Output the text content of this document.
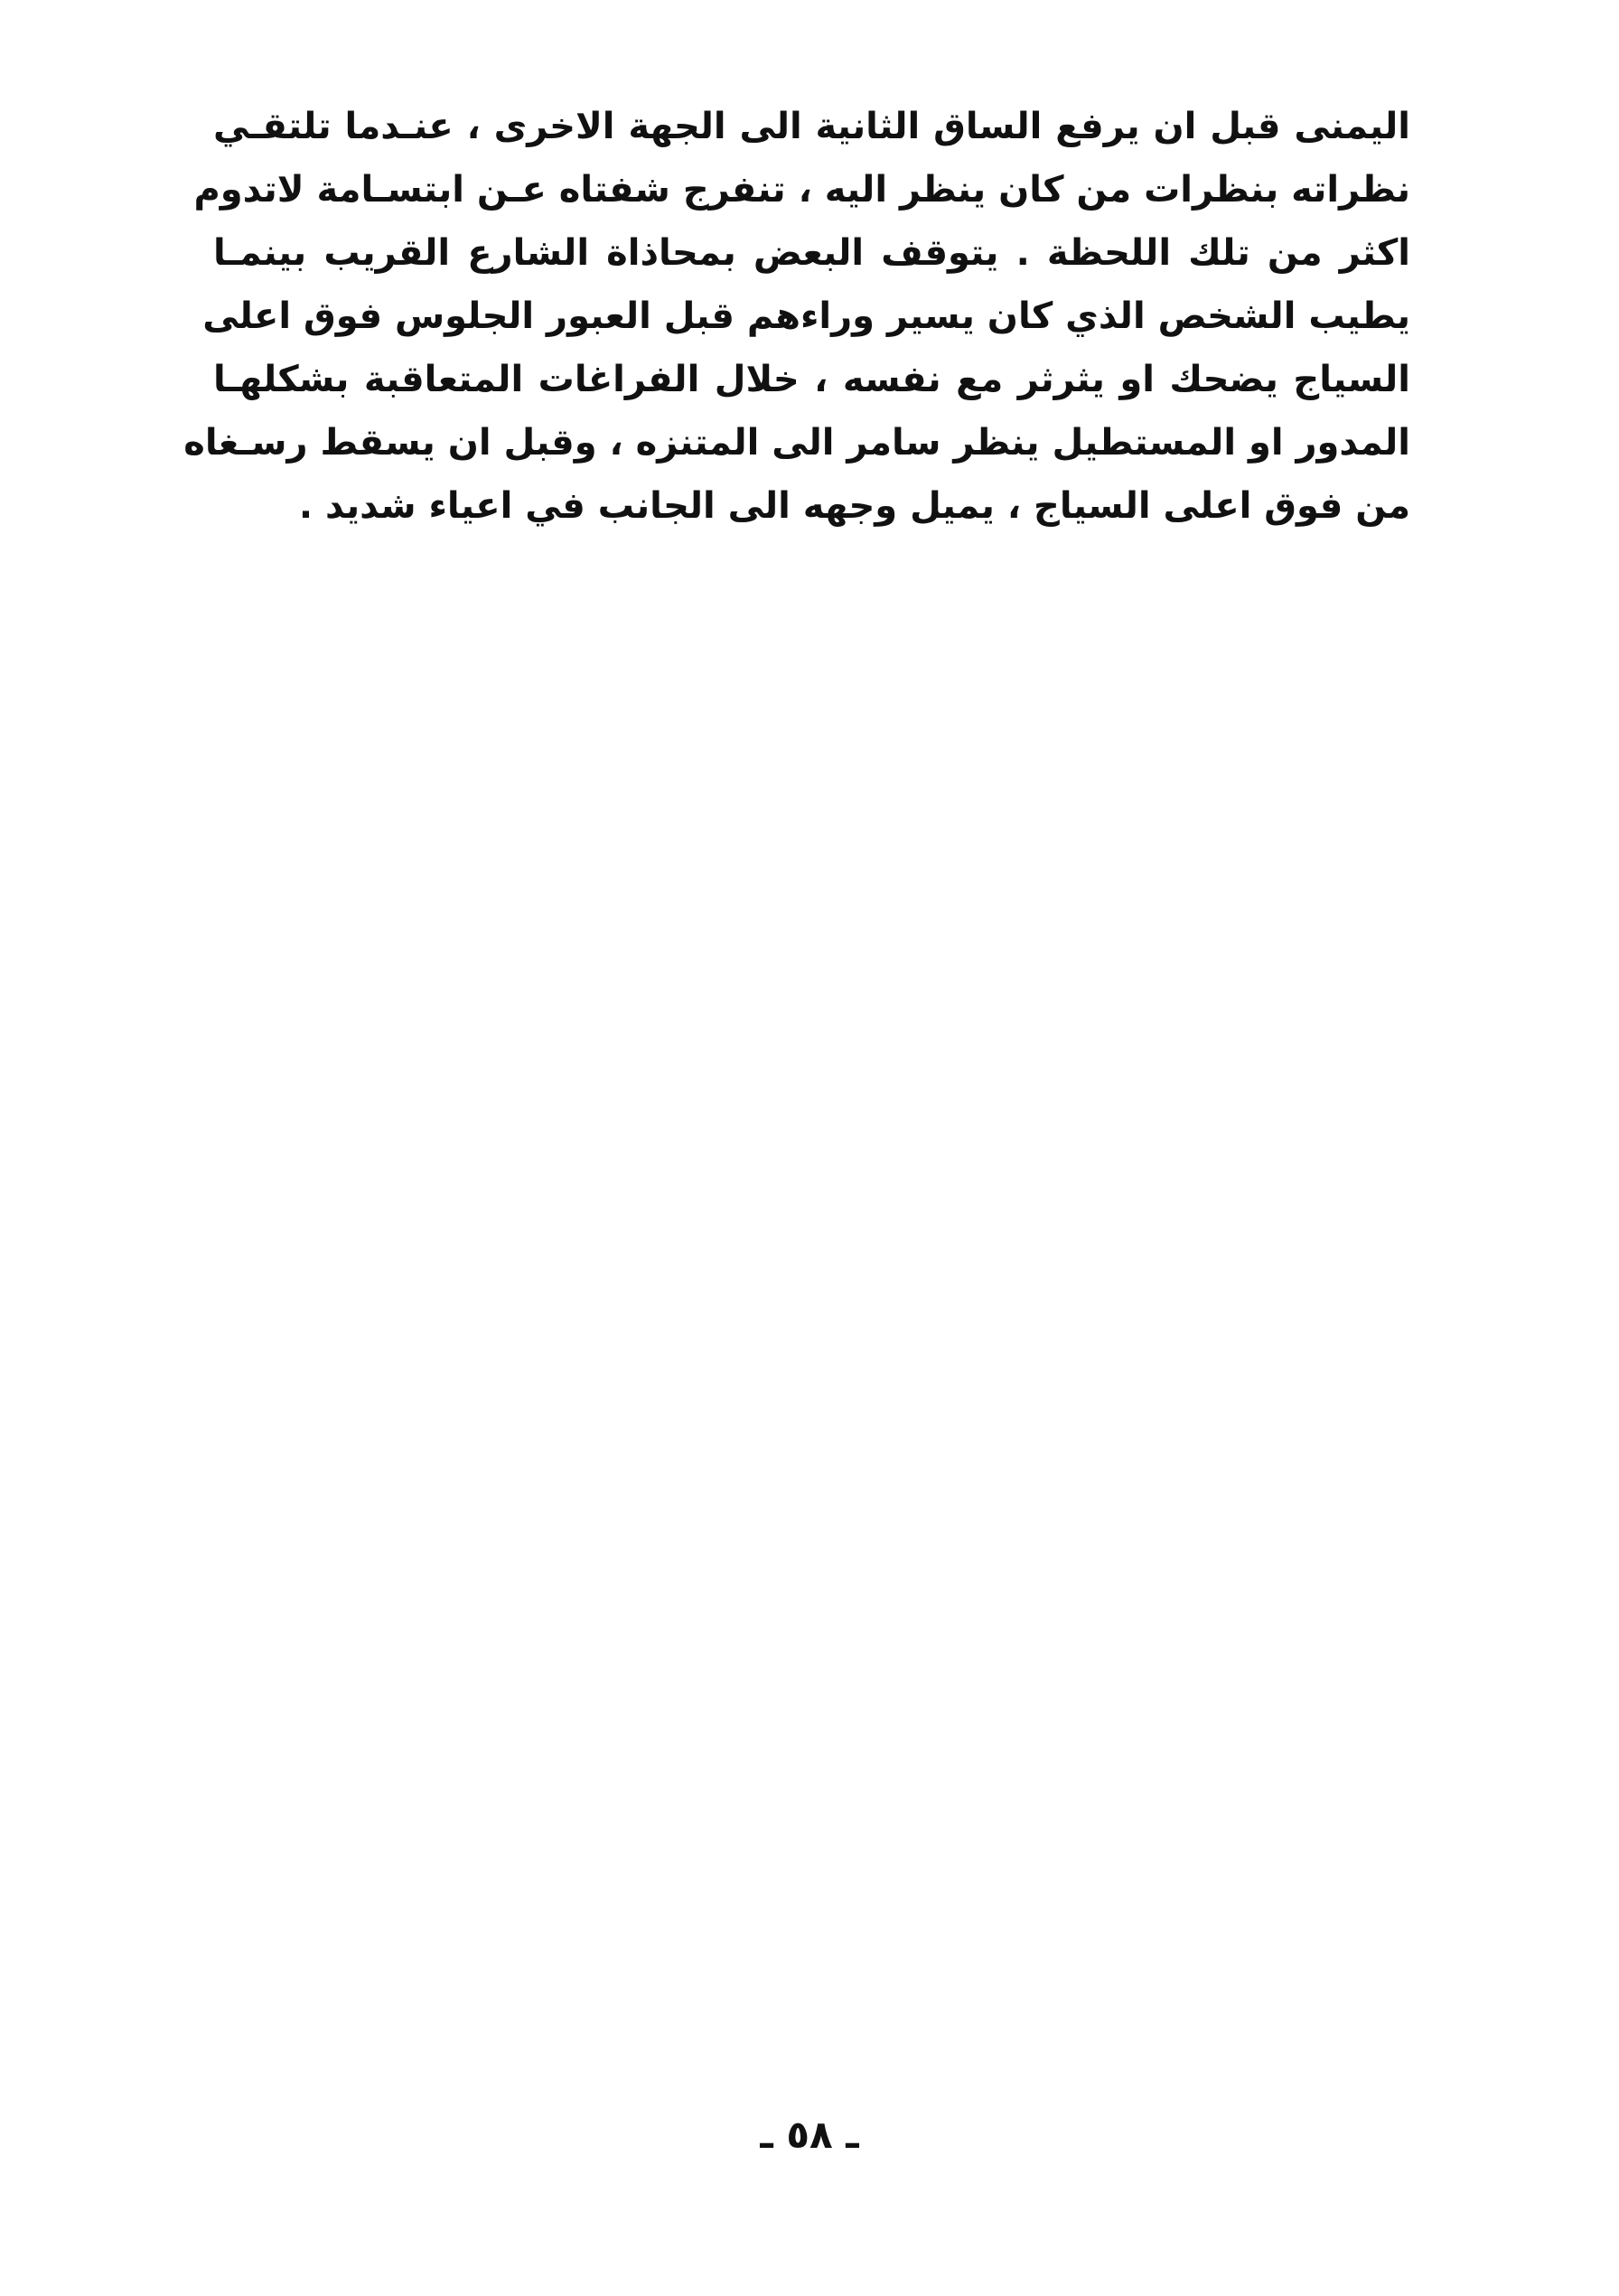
اليمنى قبل ان يرفع الساق الثانية الى الجهة الاخرى ، عنـدما تلتقـي
نظراته بنظرات من كان ينظر اليه ، تنفرج شفتاه عـن ابتسـامة لاتدوم
اكثر من تلك اللحظة . يتوقف البعض بمحاذاة الشارع القريب بينمـا
يطيب الشخص الذي كان يسير وراءهم قبل العبور الجلوس فوق اعلى
السياج يضحك او يثرثر مع نفسه ، خلال الفراغات المتعاقبة بشكلهـا
المدور او المستطيل ينظر سامر الى المتنزه ، وقبل ان يسقط رسـغاه
من فوق اعلى السياج ، يميل وجهه الى الجانب في اعياء شديد .
ـ ٥٨ ـ
